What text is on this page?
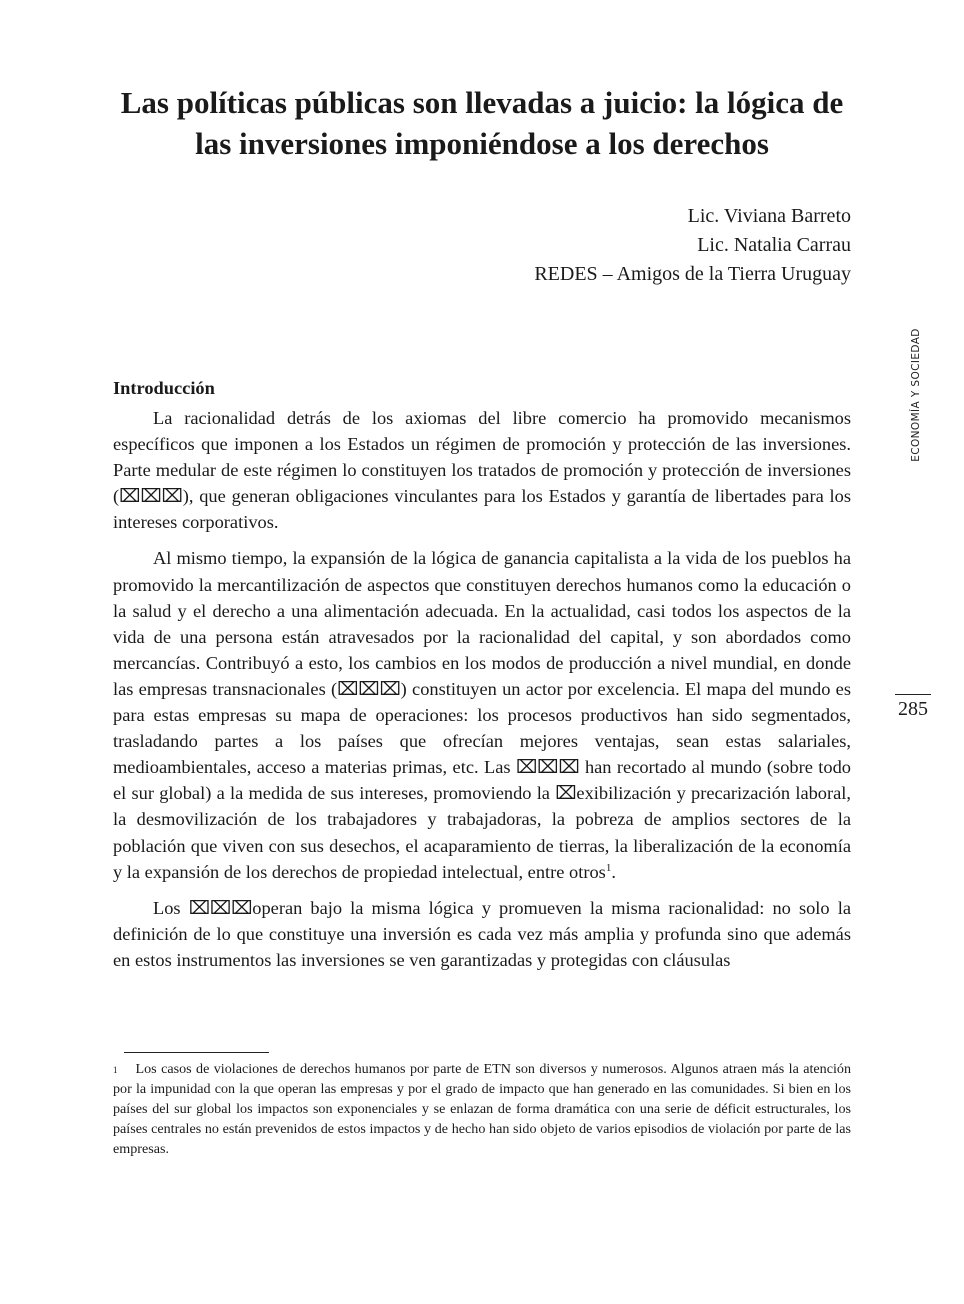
Las políticas públicas son llevadas a juicio: la lógica de las inversiones imponiéndose a los derechos
Lic. Viviana Barreto
Lic. Natalia Carrau
REDES – Amigos de la Tierra Uruguay
ECONOMÍA Y SOCIEDAD
285
Introducción

La racionalidad detrás de los axiomas del libre comercio ha promovido mecanismos específicos que imponen a los Estados un régimen de promoción y protección de las inversiones. Parte medular de este régimen lo constituyen los tratados de promoción y protección de inversiones (⌧⌧⌧), que generan obligaciones vinculantes para los Estados y garantía de libertades para los intereses corporativos.

Al mismo tiempo, la expansión de la lógica de ganancia capitalista a la vida de los pueblos ha promovido la mercantilización de aspectos que constituyen derechos humanos como la educación o la salud y el derecho a una alimentación adecuada. En la actualidad, casi todos los aspectos de la vida de una persona están atravesados por la racionalidad del capital, y son abordados como mercancías. Contribuyó a esto, los cambios en los modos de producción a nivel mundial, en donde las empresas transnacionales (⌧⌧⌧) constituyen un actor por excelencia. El mapa del mundo es para estas empresas su mapa de operaciones: los procesos productivos han sido segmentados, trasladando partes a los países que ofrecían mejores ventajas, sean estas salariales, medioambientales, acceso a materias primas, etc. Las ⌧⌧⌧ han recortado al mundo (sobre todo el sur global) a la medida de sus intereses, promoviendo la ⌧exibilización y precarización laboral, la desmovilización de los trabajadores y trabajadoras, la pobreza de amplios sectores de la población que viven con sus desechos, el acaparamiento de tierras, la liberalización de la economía y la expansión de los derechos de propiedad intelectual, entre otros$^1$.

Los ⌧⌧⌧operan bajo la misma lógica y promueven la misma racionalidad: no solo la definición de lo que constituye una inversión es cada vez más amplia y profunda sino que además en estos instrumentos las inversiones se ven garantizadas y protegidas con cláusulas

$^1$ Los casos de violaciones de derechos humanos por parte de ETN son diversos y numerosos. Algunos atraen más la atención por la impunidad con la que operan las empresas y por el grado de impacto que han generado en las comunidades. Si bien en los países del sur global los impactos son exponenciales y se enlazan de forma dramática con una serie de déficit estructurales, los países centrales no están prevenidos de estos impactos y de hecho han sido objeto de varios episodios de violación por parte de las empresas.
